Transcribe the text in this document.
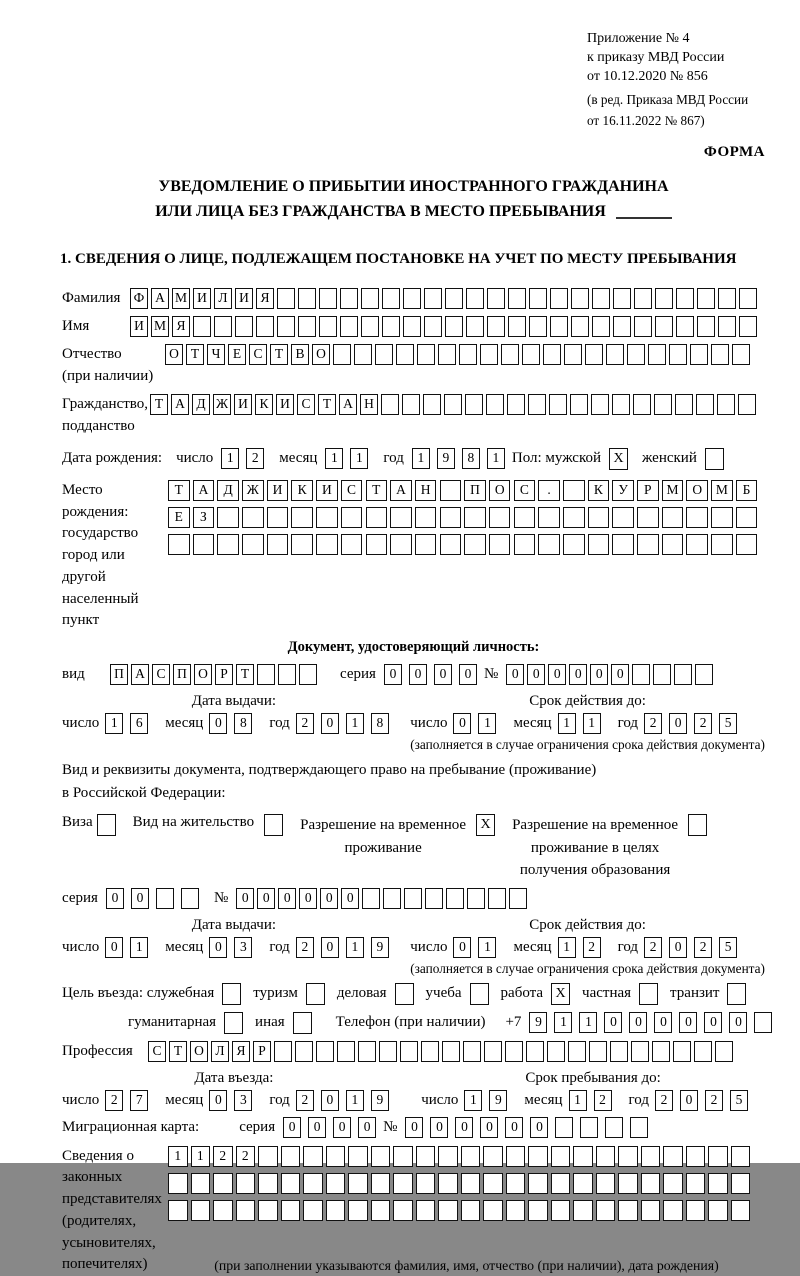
Приложение № 4
к приказу МВД России
от 10.12.2020 № 856
(в ред. Приказа МВД России
от 16.11.2022 № 867)
ФОРМА
УВЕДОМЛЕНИЕ О ПРИБЫТИИ ИНОСТРАННОГО ГРАЖДАНИНА
ИЛИ ЛИЦА БЕЗ ГРАЖДАНСТВА В МЕСТО ПРЕБЫВАНИЯ
1. СВЕДЕНИЯ О ЛИЦЕ, ПОДЛЕЖАЩЕМ ПОСТАНОВКЕ НА УЧЕТ ПО МЕСТУ ПРЕБЫВАНИЯ
Фамилия Ф А М И Л И Я
Имя	И М Я
Отчество
(при наличии)
О Т Ч Е С Т В О
Гражданство,
подданство
Т А Д Ж И К И С Т А Н
Дата рождения: число	1	2	месяц	1	1	год	1	9	8	1 Пол: мужской X женский
Место рождения:
государство
город или другой
населенный пункт
Т	А	Д	Ж	И	К	И	С	Т	А	Н	П	О	С	.	К	У	Р	М	О	М	Б

Е	З

Документ, удостоверяющий личность:
вид	П А С П О Р Т	серия	0	0	0	0 №	0	0	0	0	0	0
Дата выдачи:
число 1	6	месяц 0	8	год 2	0	1	8
Срок действия до:
число 0	1	месяц 1	1	год 2	0	2	5
(заполняется в случае ограничения срока действия документа)
Вид и реквизиты документа, подтверждающего право на пребывание (проживание)
в Российской Федерации:
Виза	Вид на жительство	Разрешение на временное
проживание
X Разрешение на временное
проживание в целях
получения образования
серия	0	0	№	0	0	0	0	0	0
Дата выдачи:
число 0	1	месяц 0	3	год 2	0	1	9
Срок действия до:
число 0	1	месяц 1	2	год 2	0	2	5
(заполняется в случае ограничения срока действия документа)
Цель въезда: служебная	туризм	деловая	учеба	работа X частная	транзит
гуманитарная	иная	Телефон (при наличии) +7	9	1	1	0	0	0	0	0	0
Профессия	С Т О Л Я Р
Дата въезда:
число 2	7	месяц 0	3	год 2	0	1	9
Срок пребывания до:
число 1	9	месяц 1	2	год 2	0	2	5
Миграционная карта:	серия	0	0	0	0 №	0	0	0	0	0	0
Сведения о
законных
представителях
(родителях,
усыновителях,
попечителях)
1	1	2	2

(при заполнении указываются фамилия, имя, отчество (при наличии), дата рождения)
